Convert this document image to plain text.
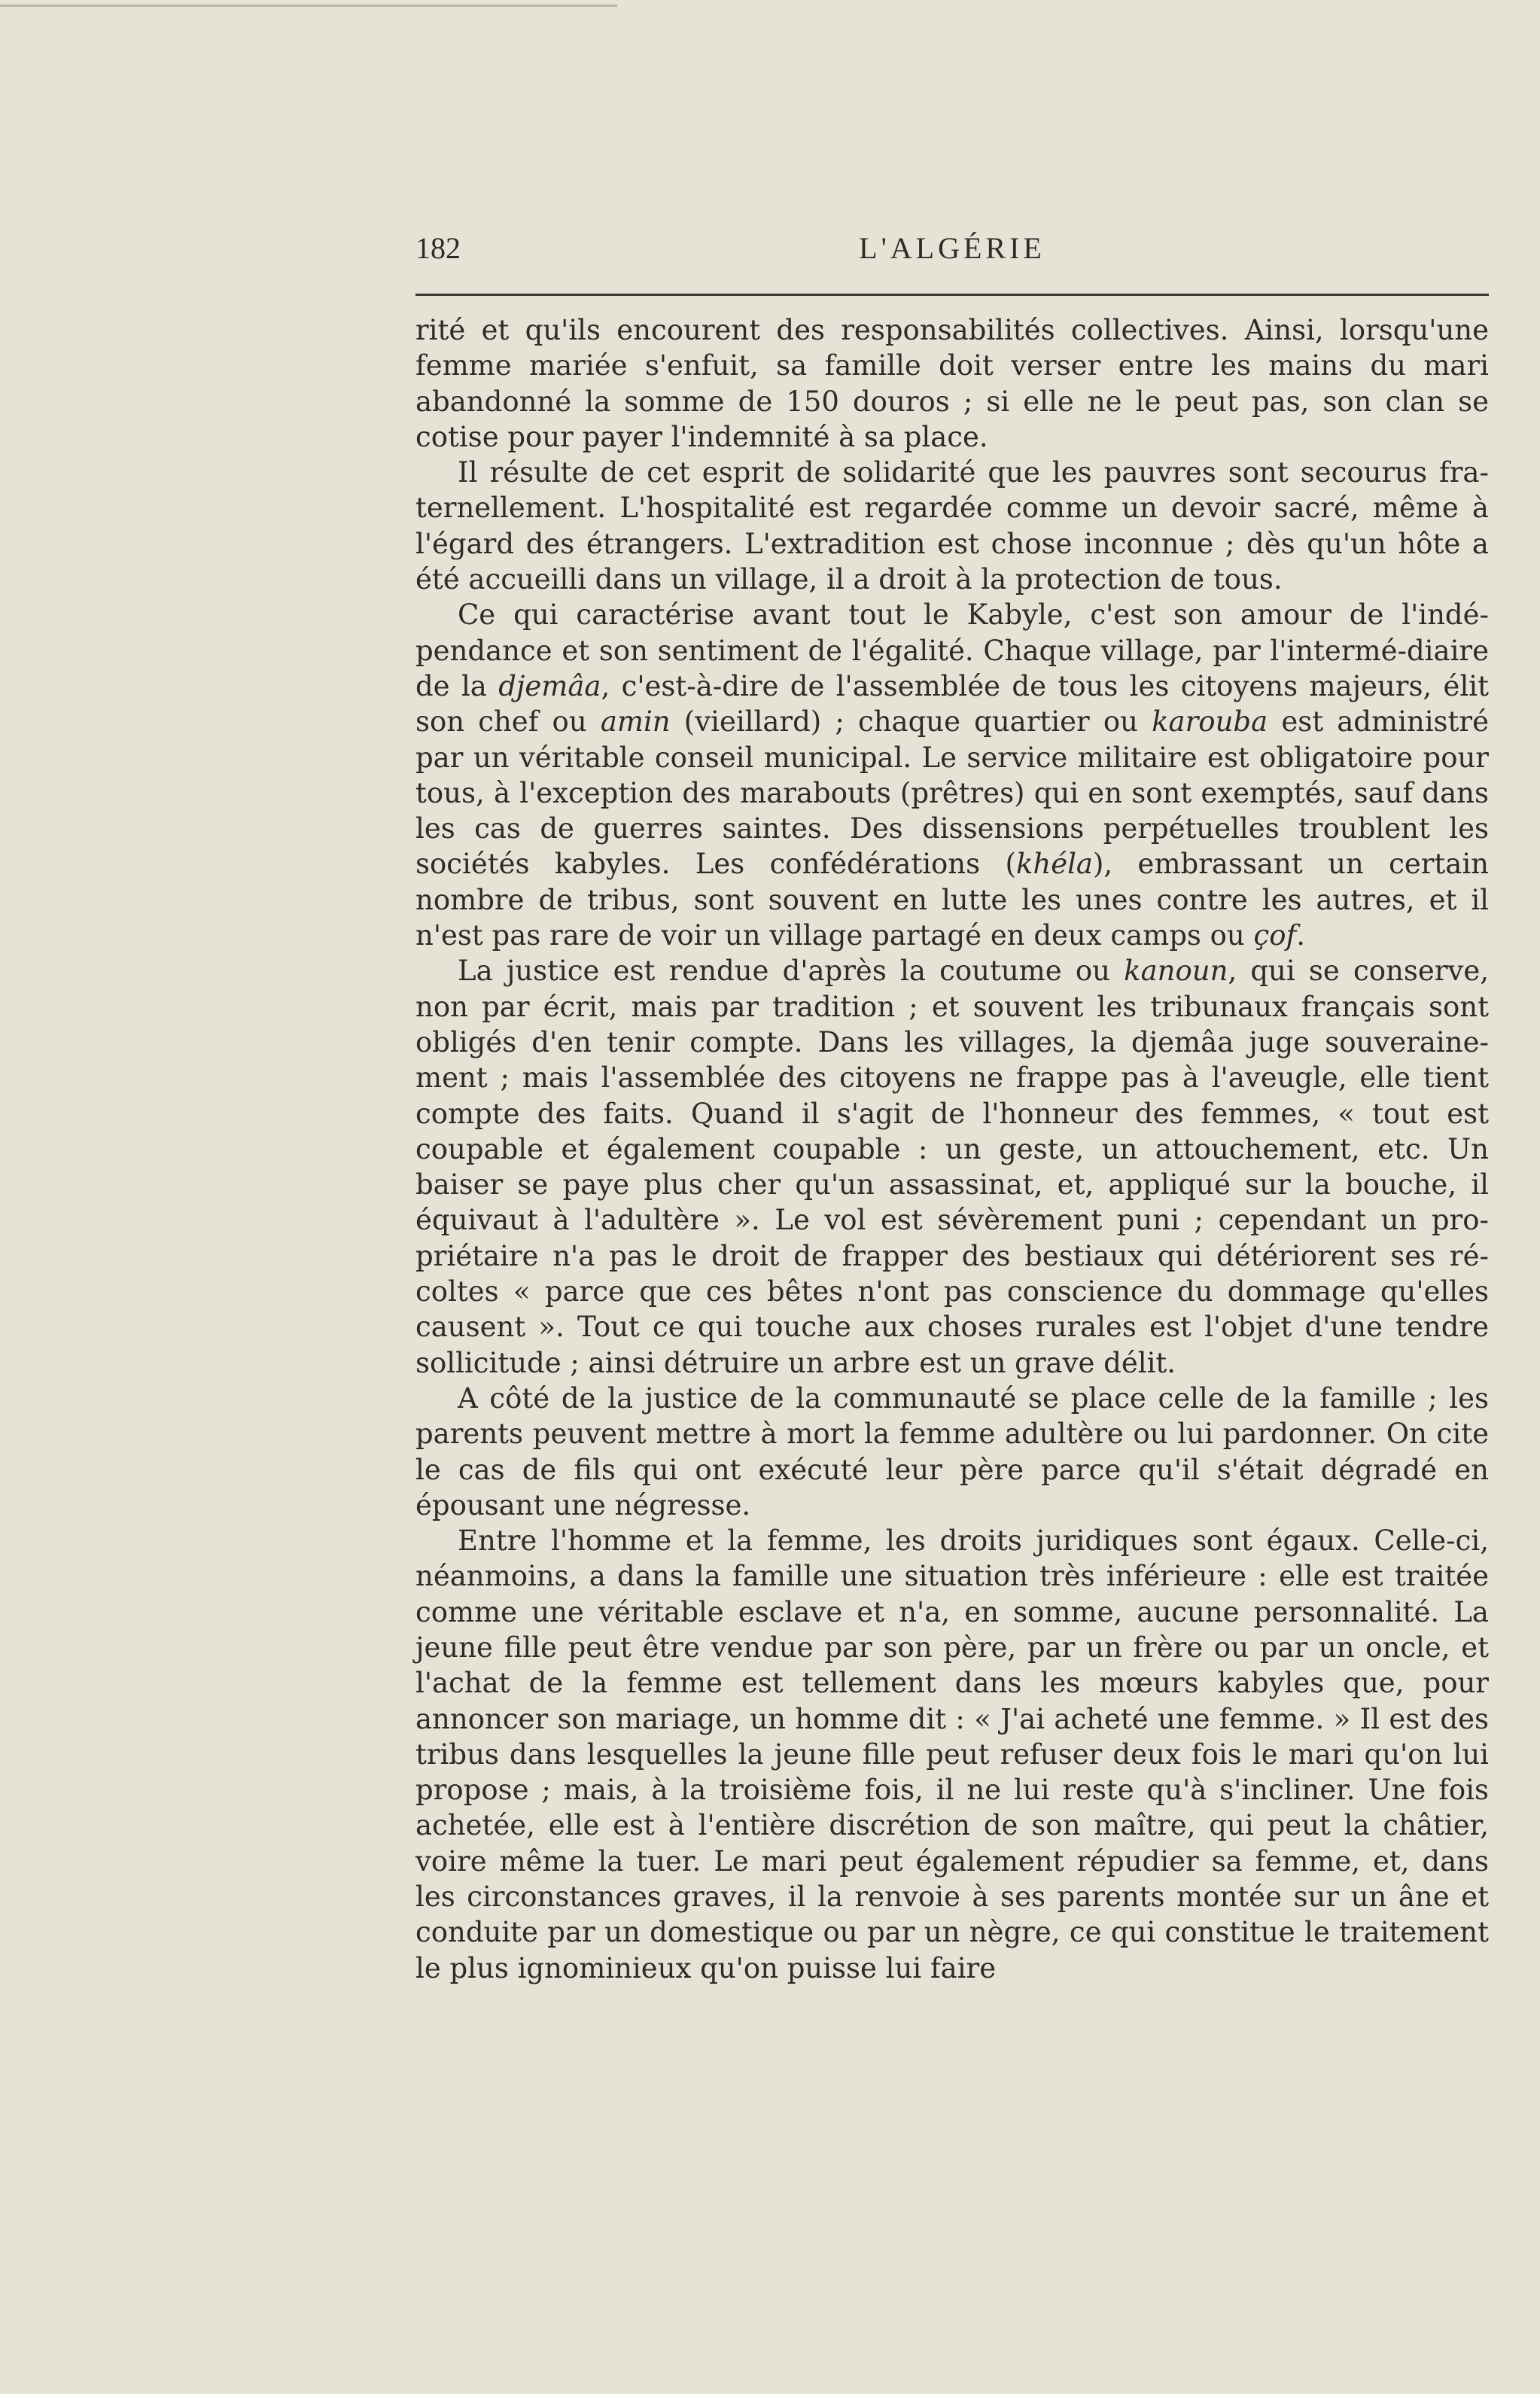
182	L'ALGÉRIE

rité et qu'ils encourent des responsabilités collectives. Ainsi, lorsqu'une femme mariée s'enfuit, sa famille doit verser entre les mains du mari abandonné la somme de 150 douros ; si elle ne le peut pas, son clan se cotise pour payer l'indemnité à sa place.

Il résulte de cet esprit de solidarité que les pauvres sont secourus fra-ternellement. L'hospitalité est regardée comme un devoir sacré, même à l'égard des étrangers. L'extradition est chose inconnue ; dès qu'un hôte a été accueilli dans un village, il a droit à la protection de tous.

Ce qui caractérise avant tout le Kabyle, c'est son amour de l'indé-pendance et son sentiment de l'égalité. Chaque village, par l'intermé-diaire de la djemâa, c'est-à-dire de l'assemblée de tous les citoyens majeurs, élit son chef ou amin (vieillard) ; chaque quartier ou karouba est administré par un véritable conseil municipal. Le service militaire est obligatoire pour tous, à l'exception des marabouts (prêtres) qui en sont exemptés, sauf dans les cas de guerres saintes. Des dissensions perpétuelles troublent les sociétés kabyles. Les confédérations (khéla), embrassant un certain nombre de tribus, sont souvent en lutte les unes contre les autres, et il n'est pas rare de voir un village partagé en deux camps ou çof.

La justice est rendue d'après la coutume ou kanoun, qui se conserve, non par écrit, mais par tradition ; et souvent les tribunaux français sont obligés d'en tenir compte. Dans les villages, la djemâa juge souveraine-ment ; mais l'assemblée des citoyens ne frappe pas à l'aveugle, elle tient compte des faits. Quand il s'agit de l'honneur des femmes, « tout est coupable et également coupable : un geste, un attouchement, etc. Un baiser se paye plus cher qu'un assassinat, et, appliqué sur la bouche, il équivaut à l'adultère ». Le vol est sévèrement puni ; cependant un pro-priétaire n'a pas le droit de frapper des bestiaux qui détériorent ses ré-coltes « parce que ces bêtes n'ont pas conscience du dommage qu'elles causent ». Tout ce qui touche aux choses rurales est l'objet d'une tendre sollicitude ; ainsi détruire un arbre est un grave délit.

A côté de la justice de la communauté se place celle de la famille ; les parents peuvent mettre à mort la femme adultère ou lui pardonner. On cite le cas de fils qui ont exécuté leur père parce qu'il s'était dégradé en épousant une négresse.

Entre l'homme et la femme, les droits juridiques sont égaux. Celle-ci, néanmoins, a dans la famille une situation très inférieure : elle est traitée comme une véritable esclave et n'a, en somme, aucune personnalité. La jeune fille peut être vendue par son père, par un frère ou par un oncle, et l'achat de la femme est tellement dans les mœurs kabyles que, pour annoncer son mariage, un homme dit : « J'ai acheté une femme. » Il est des tribus dans lesquelles la jeune fille peut refuser deux fois le mari qu'on lui propose ; mais, à la troisième fois, il ne lui reste qu'à s'incliner. Une fois achetée, elle est à l'entière discrétion de son maître, qui peut la châtier, voire même la tuer. Le mari peut également répudier sa femme, et, dans les circonstances graves, il la renvoie à ses parents montée sur un âne et conduite par un domestique ou par un nègre, ce qui constitue le traitement le plus ignominieux qu'on puisse lui faire
